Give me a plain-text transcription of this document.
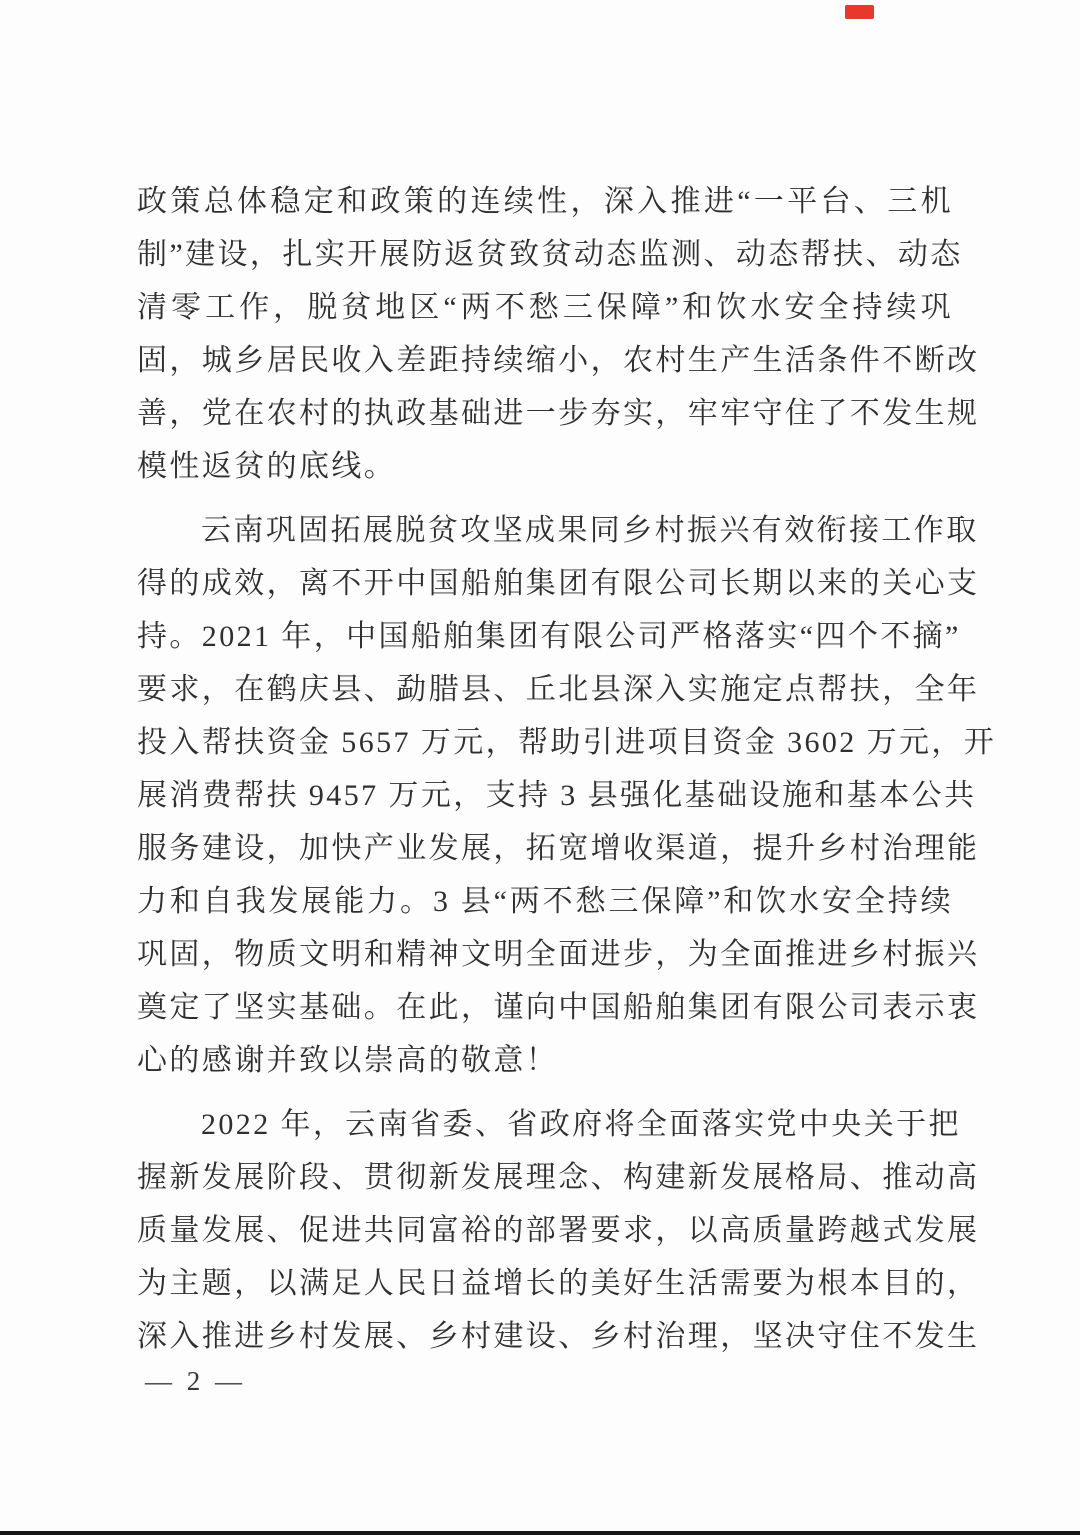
政策总体稳定和政策的连续性，深入推进“一平台、三机
制”建设，扎实开展防返贫致贫动态监测、动态帮扶、动态
清零工作，脱贫地区“两不愁三保障”和饮水安全持续巩
固，城乡居民收入差距持续缩小，农村生产生活条件不断改
善，党在农村的执政基础进一步夯实，牢牢守住了不发生规
模性返贫的底线。
云南巩固拓展脱贫攻坚成果同乡村振兴有效衔接工作取
得的成效，离不开中国船舶集团有限公司长期以来的关心支
持。2021 年，中国船舶集团有限公司严格落实“四个不摘”
要求，在鹤庆县、勐腊县、丘北县深入实施定点帮扶，全年
投入帮扶资金 5657 万元，帮助引进项目资金 3602 万元，开
展消费帮扶 9457 万元，支持 3 县强化基础设施和基本公共
服务建设，加快产业发展，拓宽增收渠道，提升乡村治理能
力和自我发展能力。3 县“两不愁三保障”和饮水安全持续
巩固，物质文明和精神文明全面进步，为全面推进乡村振兴
奠定了坚实基础。在此，谨向中国船舶集团有限公司表示衷
心的感谢并致以崇高的敬意！
2022 年，云南省委、省政府将全面落实党中央关于把
握新发展阶段、贯彻新发展理念、构建新发展格局、推动高
质量发展、促进共同富裕的部署要求，以高质量跨越式发展
为主题，以满足人民日益增长的美好生活需要为根本目的，
深入推进乡村发展、乡村建设、乡村治理，坚决守住不发生
— 2 —
